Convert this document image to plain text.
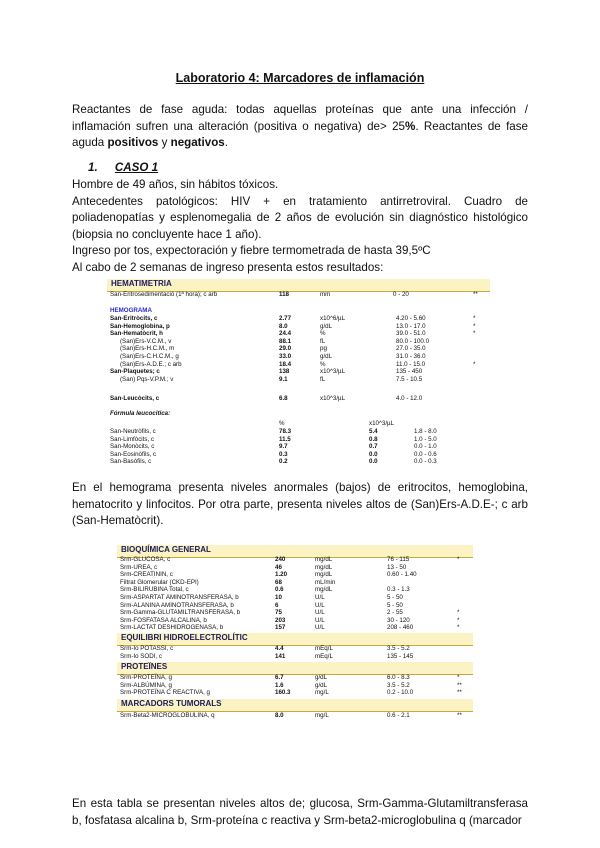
Laboratorio 4: Marcadores de inflamación
Reactantes de fase aguda: todas aquellas proteínas que ante una infección / inflamación sufren una alteración (positiva o negativa) de> 25%. Reactantes de fase aguda positivos y negativos.
1. CASO 1
Hombre de 49 años, sin hábitos tóxicos.
Antecedentes patológicos: HIV + en tratamiento antirretroviral. Cuadro de poliadenopatías y esplenomegalia de 2 años de evolución sin diagnóstico histológico (biopsia no concluyente hace 1 año).
Ingreso por tos, expectoración y fiebre termometrada de hasta 39,5ºC
Al cabo de 2 semanas de ingreso presenta estos resultados:
HEMATIMETRIA
San-Eritrosedimentació (1ª hora); c arb	118	mm	0 - 20	**
HEMOGRAMA
San-Eritròcits, c	2.77	x10^6/µL	4.20 - 5.60	*
San-Hemoglobina, p	8.0	g/dL	13.0 - 17.0	*
San-Hematòcrit, h	24.4	%	39.0 - 51.0	*
(San)Ers-V.C.M., v	88.1	fL	80.0 - 100.0
(San)Ers-H.C.M., m	29.0	pg	27.0 - 35.0
(San)Ers-C.H.C.M., g	33.0	g/dL	31.0 - 36.0
(San)Ers-A.D.E.; c arb	18.4	%	11.0 - 15.0	*
San-Plaquetes; c	138	x10^3/µL	135 - 450
(San) Pqs-V.P.M.; v	9.1	fL	7.5 - 10.5
San-Leucòcits, c	6.8	x10^3/µL	4.0 - 12.0
Fórmula leucocitica:
%	x10^3/µL
San-Neutròfils, c	78.3	5.4	1.8 - 8.0
San-Limfòcits, c	11.5	0.8	1.0 - 5.0
San-Monòcits, c	9.7	0.7	0.0 - 1.0
San-Eosinòfils, c	0.3	0.0	0.0 - 0.6
San-Basòfils, c	0.2	0.0	0.0 - 0.3
En el hemograma presenta niveles anormales (bajos) de eritrocitos, hemoglobina, hematocrito y linfocitos. Por otra parte, presenta niveles altos de (San)Ers-A.D.E-; c arb (San-Hematòcrit).
BIOQUÍMICA GENERAL
Srm-GLUCOSA, c	240	mg/dL	76 - 115	*
Srm-UREA, c	46	mg/dL	13 - 50
Srm-CREATININ, c	1.20	mg/dL	0.60 - 1.40
Filtrat Glomerular (CKD-EPI)	68	mL/min
Srm-BILIRUBINA Total, c	0.6	mg/dL	0.3 - 1.3
Srm-ASPARTAT AMINOTRANSFERASA, b	10	U/L	5 - 50
Srm-ALANINA AMINOTRANSFERASA, b	6	U/L	5 - 50
Srm-Gamma-GLUTAMILTRANSFERASA, b	75	U/L	2 - 55	*
Srm-FOSFATASA ALCALINA, b	203	U/L	30 - 120	*
Srm-LACTAT DESHIDROGENASA, b	157	U/L	208 - 460	*
EQUILIBRI HIDROELECTROLÍTIC
Srm-Io POTASSI, c	4.4	mEq/L	3.5 - 5.2
Srm-Io SODI, c	141	mEq/L	135 - 145
PROTEÏNES
Srm-PROTEÏNA, g	6.7	g/dL	6.0 - 8.3	*
Srm-ALBÚMINA, g	1.6	g/dL	3.5 - 5.2	**
Srm-PROTEÏNA C REACTIVA, g	160.3	mg/L	0.2 - 10.0	**
MARCADORS TUMORALS
Srm-Beta2-MICROGLOBULINA, q	8.0	mg/L	0.6 - 2.1	**
En esta tabla se presentan niveles altos de; glucosa, Srm-Gamma-Glutamiltransferasa b, fosfatasa alcalina b, Srm-proteína c reactiva y Srm-beta2-microglobulina q (marcador
